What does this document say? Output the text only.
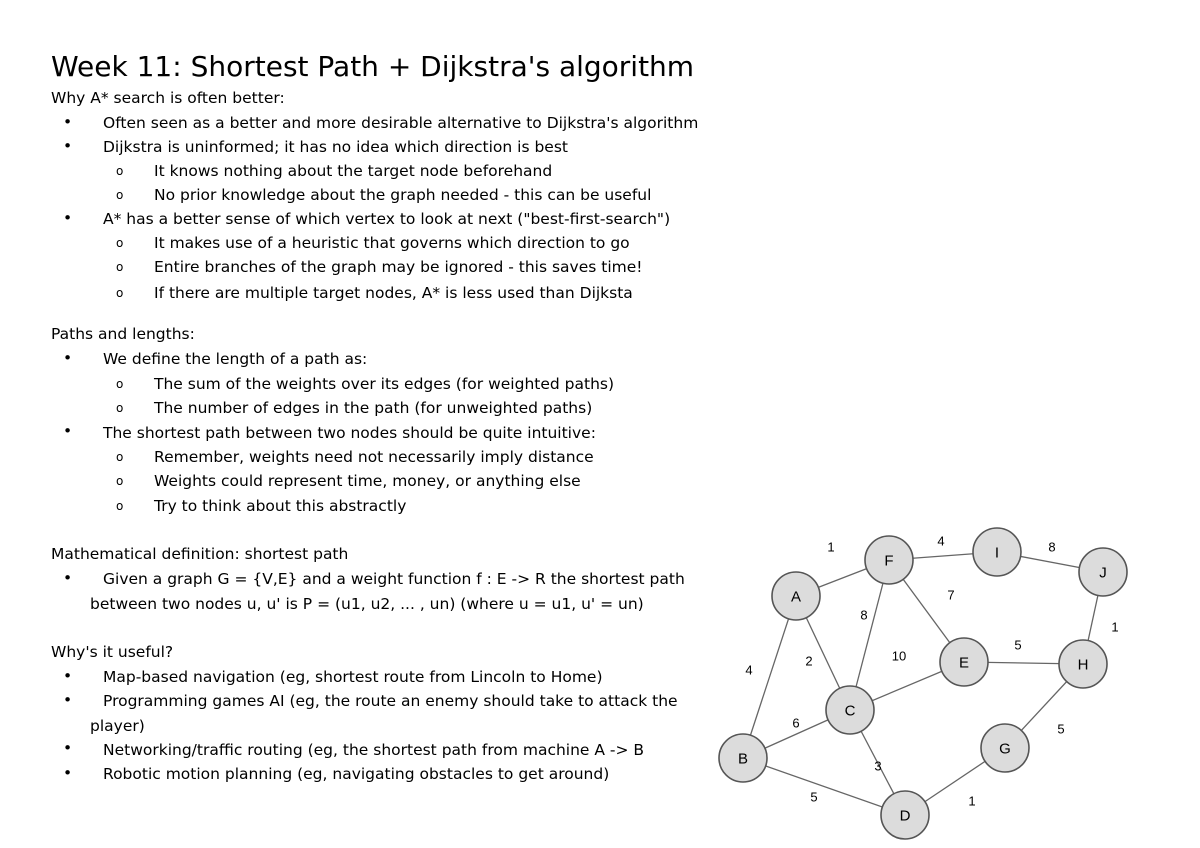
Week 11: Shortest Path + Dijkstra's algorithm
Why A* search is often better:
• Often seen as a better and more desirable alternative to Dijkstra's algorithm
• Dijkstra is uninformed; it has no idea which direction is best
o It knows nothing about the target node beforehand
o No prior knowledge about the graph needed - this can be useful
• A* has a better sense of which vertex to look at next ("best-first-search")
o It makes use of a heuristic that governs which direction to go
o Entire branches of the graph may be ignored - this saves time!
o If there are multiple target nodes, A* is less used than Dijksta
Paths and lengths:
• We define the length of a path as:
o The sum of the weights over its edges (for weighted paths)
o The number of edges in the path (for unweighted paths)
• The shortest path between two nodes should be quite intuitive:
o Remember, weights need not necessarily imply distance
o Weights could represent time, money, or anything else
o Try to think about this abstractly
Mathematical definition: shortest path
• Given a graph G = {V,E} and a weight function f : E -> R the shortest path
between two nodes u, u' is P = (u1, u2, ... , un) (where u = u1, u' = un)
Why's it useful?
• Map-based navigation (eg, shortest route from Lincoln to Home)
• Programming games AI (eg, the route an enemy should take to attack the
player)
• Networking/traffic routing (eg, the shortest path from machine A -> B
• Robotic motion planning (eg, navigating obstacles to get around)
1	4	8
1
7
8
4
2	10
5
6
3
5
5	1
A
B
C
D
E
F
G
H
I
J
